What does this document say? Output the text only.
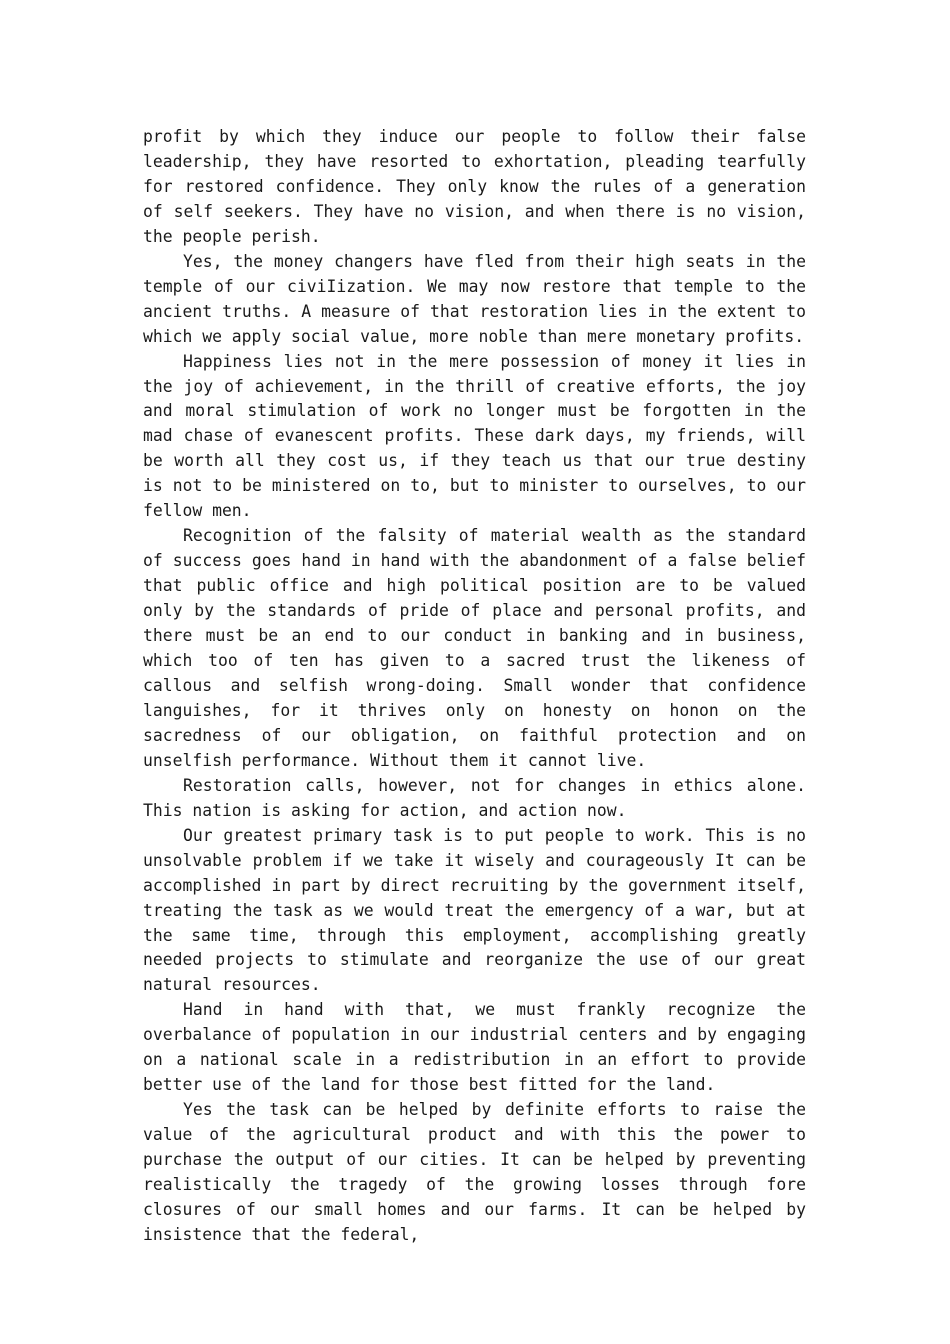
profit by which they induce our people to follow their false leadership, they have resorted to exhortation, pleading tearfully for restored confidence. They only know the rules of a generation of self seekers. They have no vision, and when there is no vision, the people perish.

Yes, the money changers have fled from their high seats in the temple of our civiIization. We may now restore that temple to the ancient truths. A measure of that restoration lies in the extent to which we apply social value, more noble than mere monetary profits.

Happiness lies not in the mere possession of money it lies in the joy of achievement, in the thrill of creative efforts, the joy and moral stimulation of work no longer must be forgotten in the mad chase of evanescent profits. These dark days, my friends, will be worth all they cost us, if they teach us that our true destiny is not to be ministered on to, but to minister to ourselves, to our fellow men.

Recognition of the falsity of material wealth as the standard of success goes hand in hand with the abandonment of a false belief that public office and high political position are to be valued only by the standards of pride of place and personal profits, and there must be an end to our conduct in banking and in business, which too of ten has given to a sacred trust the likeness of callous and selfish wrong-doing. Small wonder that confidence languishes, for it thrives only on honesty on honon on the sacredness of our obligation, on faithful protection and on unselfish performance. Without them it cannot live.

Restoration calls, however, not for changes in ethics alone. This nation is asking for action, and action now.

Our greatest primary task is to put people to work. This is no unsolvable problem if we take it wisely and courageously It can be accomplished in part by direct recruiting by the government itself, treating the task as we would treat the emergency of a war, but at the same time, through this employment, accomplishing greatly needed projects to stimulate and reorganize the use of our great natural resources.

Hand in hand with that, we must frankly recognize the overbalance of population in our industrial centers and by engaging on a national scale in a redistribution in an effort to provide better use of the land for those best fitted for the land.

Yes the task can be helped by definite efforts to raise the value of the agricultural product and with this the power to purchase the output of our cities. It can be helped by preventing realistically the tragedy of the growing losses through fore closures of our small homes and our farms. It can be helped by insistence that the federal,
